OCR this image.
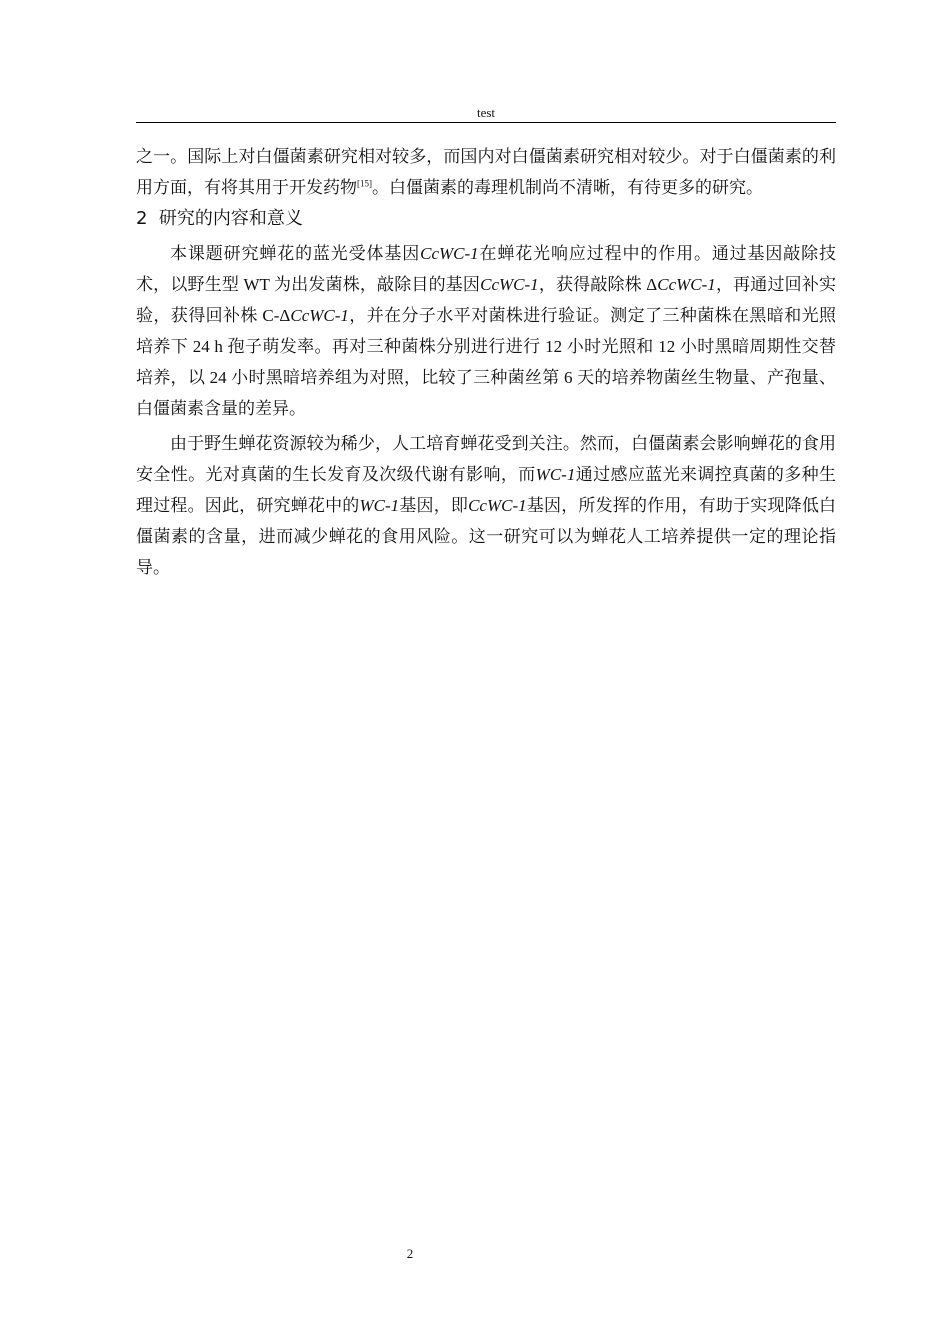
test

之一。国际上对白僵菌素研究相对较多，而国内对白僵菌素研究相对较少。对于白僵菌素的利用方面，有将其用于开发药物[15]。白僵菌素的毒理机制尚不清晰，有待更多的研究。

2 研究的内容和意义

本课题研究蝉花的蓝光受体基因CcWC-1在蝉花光响应过程中的作用。通过基因敲除技术，以野生型 WT 为出发菌株，敲除目的基因CcWC-1，获得敲除株 ΔCcWC-1，再通过回补实验，获得回补株 C-ΔCcWC-1，并在分子水平对菌株进行验证。测定了三种菌株在黑暗和光照培养下 24 h 孢子萌发率。再对三种菌株分别进行进行 12 小时光照和 12 小时黑暗周期性交替培养，以 24 小时黑暗培养组为对照，比较了三种菌丝第 6 天的培养物菌丝生物量、产孢量、白僵菌素含量的差异。

由于野生蝉花资源较为稀少，人工培育蝉花受到关注。然而，白僵菌素会影响蝉花的食用安全性。光对真菌的生长发育及次级代谢有影响，而WC-1通过感应蓝光来调控真菌的多种生理过程。因此，研究蝉花中的WC-1基因，即CcWC-1基因，所发挥的作用，有助于实现降低白僵菌素的含量，进而减少蝉花的食用风险。这一研究可以为蝉花人工培养提供一定的理论指导。

2
